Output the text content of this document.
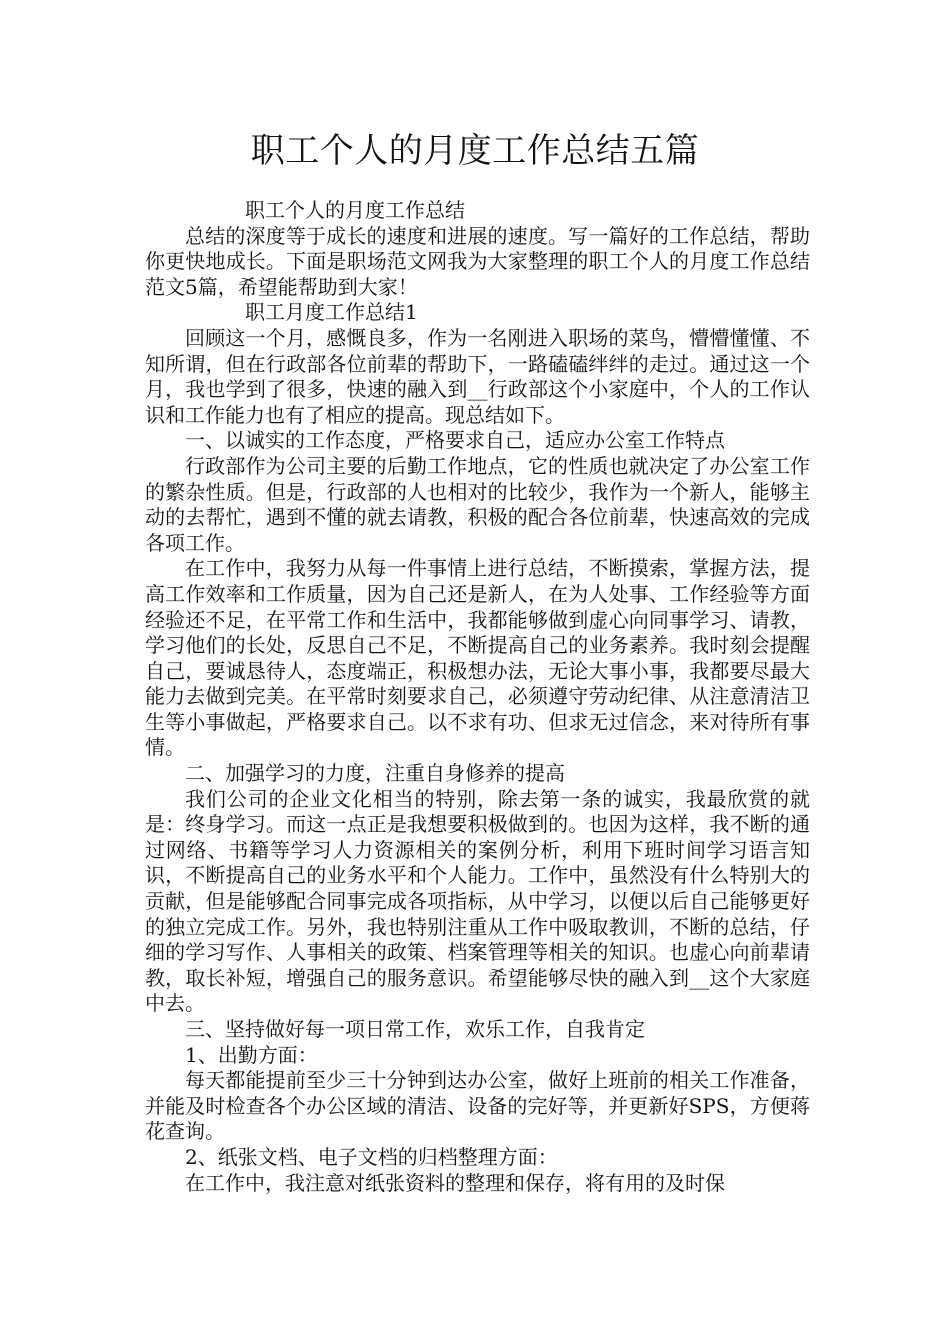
职工个人的月度工作总结五篇

职工个人的月度工作总结

总结的深度等于成长的速度和进展的速度。写一篇好的工作总结，帮助你更快地成长。下面是职场范文网我为大家整理的职工个人的月度工作总结范文5篇，希望能帮助到大家！

职工月度工作总结1

回顾这一个月，感慨良多，作为一名刚进入职场的菜鸟，懵懵懂懂、不知所谓，但在行政部各位前辈的帮助下，一路磕磕绊绊的走过。通过这一个月，我也学到了很多，快速的融入到__行政部这个小家庭中，个人的工作认识和工作能力也有了相应的提高。现总结如下。

一、以诚实的工作态度，严格要求自己，适应办公室工作特点

行政部作为公司主要的后勤工作地点，它的性质也就决定了办公室工作的繁杂性质。但是，行政部的人也相对的比较少，我作为一个新人，能够主动的去帮忙，遇到不懂的就去请教，积极的配合各位前辈，快速高效的完成各项工作。

在工作中，我努力从每一件事情上进行总结，不断摸索，掌握方法，提高工作效率和工作质量，因为自己还是新人，在为人处事、工作经验等方面经验还不足，在平常工作和生活中，我都能够做到虚心向同事学习、请教，学习他们的长处，反思自己不足，不断提高自己的业务素养。我时刻会提醒自己，要诚恳待人，态度端正，积极想办法，无论大事小事，我都要尽最大能力去做到完美。在平常时刻要求自己，必须遵守劳动纪律、从注意清洁卫生等小事做起，严格要求自己。以不求有功、但求无过信念，来对待所有事情。

二、加强学习的力度，注重自身修养的提高

我们公司的企业文化相当的特别，除去第一条的诚实，我最欣赏的就是：终身学习。而这一点正是我想要积极做到的。也因为这样，我不断的通过网络、书籍等学习人力资源相关的案例分析，利用下班时间学习语言知识，不断提高自己的业务水平和个人能力。工作中，虽然没有什么特别大的贡献，但是能够配合同事完成各项指标，从中学习，以便以后自己能够更好的独立完成工作。另外，我也特别注重从工作中吸取教训，不断的总结，仔细的学习写作、人事相关的政策、档案管理等相关的知识。也虚心向前辈请教，取长补短，增强自己的服务意识。希望能够尽快的融入到__这个大家庭中去。

三、坚持做好每一项日常工作，欢乐工作，自我肯定

1、出勤方面：

每天都能提前至少三十分钟到达办公室，做好上班前的相关工作准备，并能及时检查各个办公区域的清洁、设备的完好等，并更新好SPS，方便蒋花查询。

2、纸张文档、电子文档的归档整理方面：

在工作中，我注意对纸张资料的整理和保存，将有用的及时保
